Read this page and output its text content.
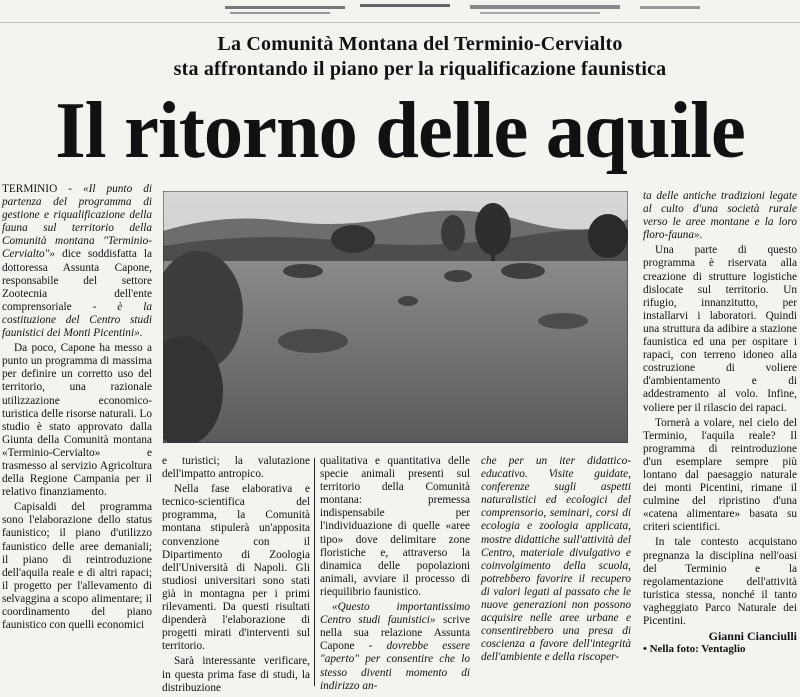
La Comunità Montana del Terminio-Cervialto
sta affrontando il piano per la riqualificazione faunistica
Il ritorno delle aquile

TERMINIO - «Il punto di partenza del programma di gestione e riqualificazione della fauna sul territorio della Comunità montana "Terminio-Cervialto"» dice soddisfatta la dottoressa Assunta Capone, responsabile del settore Zootecnia dell'ente comprensoriale - è la costituzione del Centro studi faunistici dei Monti Picentini».

Da poco, Capone ha messo a punto un programma di massima per definire un corretto uso del territorio, una razionale utilizzazione economico-turistica delle risorse naturali. Lo studio è stato approvato dalla Giunta della Comunità montana «Terminio-Cervialto» e trasmesso al servizio Agricoltura della Regione Campania per il relativo finanziamento.

Capisaldi del programma sono l'elaborazione dello status faunistico; il piano d'utilizzo faunistico delle aree demaniali; il piano di reintroduzione dell'aquila reale e di altri rapaci; il progetto per l'allevamento di selvaggina a scopo alimentare; il coordinamento del piano faunistico con quelli economici

e turistici; la valutazione dell'impatto antropico.

Nella fase elaborativa e tecnico-scientifica del programma, la Comunità montana stipulerà un'apposita convenzione con il Dipartimento di Zoologia dell'Università di Napoli. Gli studiosi universitari sono stati già in montagna per i primi rilevamenti. Da questi risultati dipenderà l'elaborazione di progetti mirati d'interventi sul territorio.

Sarà interessante verificare, in questa prima fase di studi, la distribuzione

qualitativa e quantitativa delle specie animali presenti sul territorio della Comunità montana: premessa indispensabile per l'individuazione di quelle «aree tipo» dove delimitare zone floristiche e, attraverso la dinamica delle popolazioni animali, avviare il processo di riequilibrio faunistico.

«Questo importantissimo Centro studi faunistici» scrive nella sua relazione Assunta Capone - dovrebbe essere "aperto" per consentire che lo stesso diventi momento di indirizzo an-

che per un iter didattico-educativo. Visite guidate, conferenze sugli aspetti naturalistici ed ecologici del comprensorio, seminari, corsi di ecologia e zoologia applicata, mostre didattiche sull'attività del Centro, materiale divulgativo e coinvolgimento della scuola, potrebbero favorire il recupero di valori legati al passato che le nuove generazioni non possono acquisire nelle aree urbane e consentirebbero una presa di coscienza a favore dell'integrità dell'ambiente e della riscoper-

ta delle antiche tradizioni legate al culto d'una società rurale verso le aree montane e la loro floro-fauna».

Una parte di questo programma è riservata alla creazione di strutture logistiche dislocate sul territorio. Un rifugio, innanzitutto, per installarvi i laboratori. Quindi una struttura da adibire a stazione faunistica ed una per ospitare i rapaci, con terreno idoneo alla costruzione di voliere d'ambientamento e di addestramento al volo. Infine, voliere per il rilascio dei rapaci.

Tornerà a volare, nel cielo del Terminio, l'aquila reale? Il programma di reintroduzione d'un esemplare sempre più lontano dal paesaggio naturale dei monti Picentini, rimane il culmine del ripristino d'una «catena alimentare» basata su criteri scientifici.

In tale contesto acquistano pregnanza la disciplina nell'oasi del Terminio e la regolamentazione dell'attività turistica stessa, nonché il tanto vagheggiato Parco Naturale dei Picentini.

Gianni Cianciulli
• Nella foto: Ventaglio
